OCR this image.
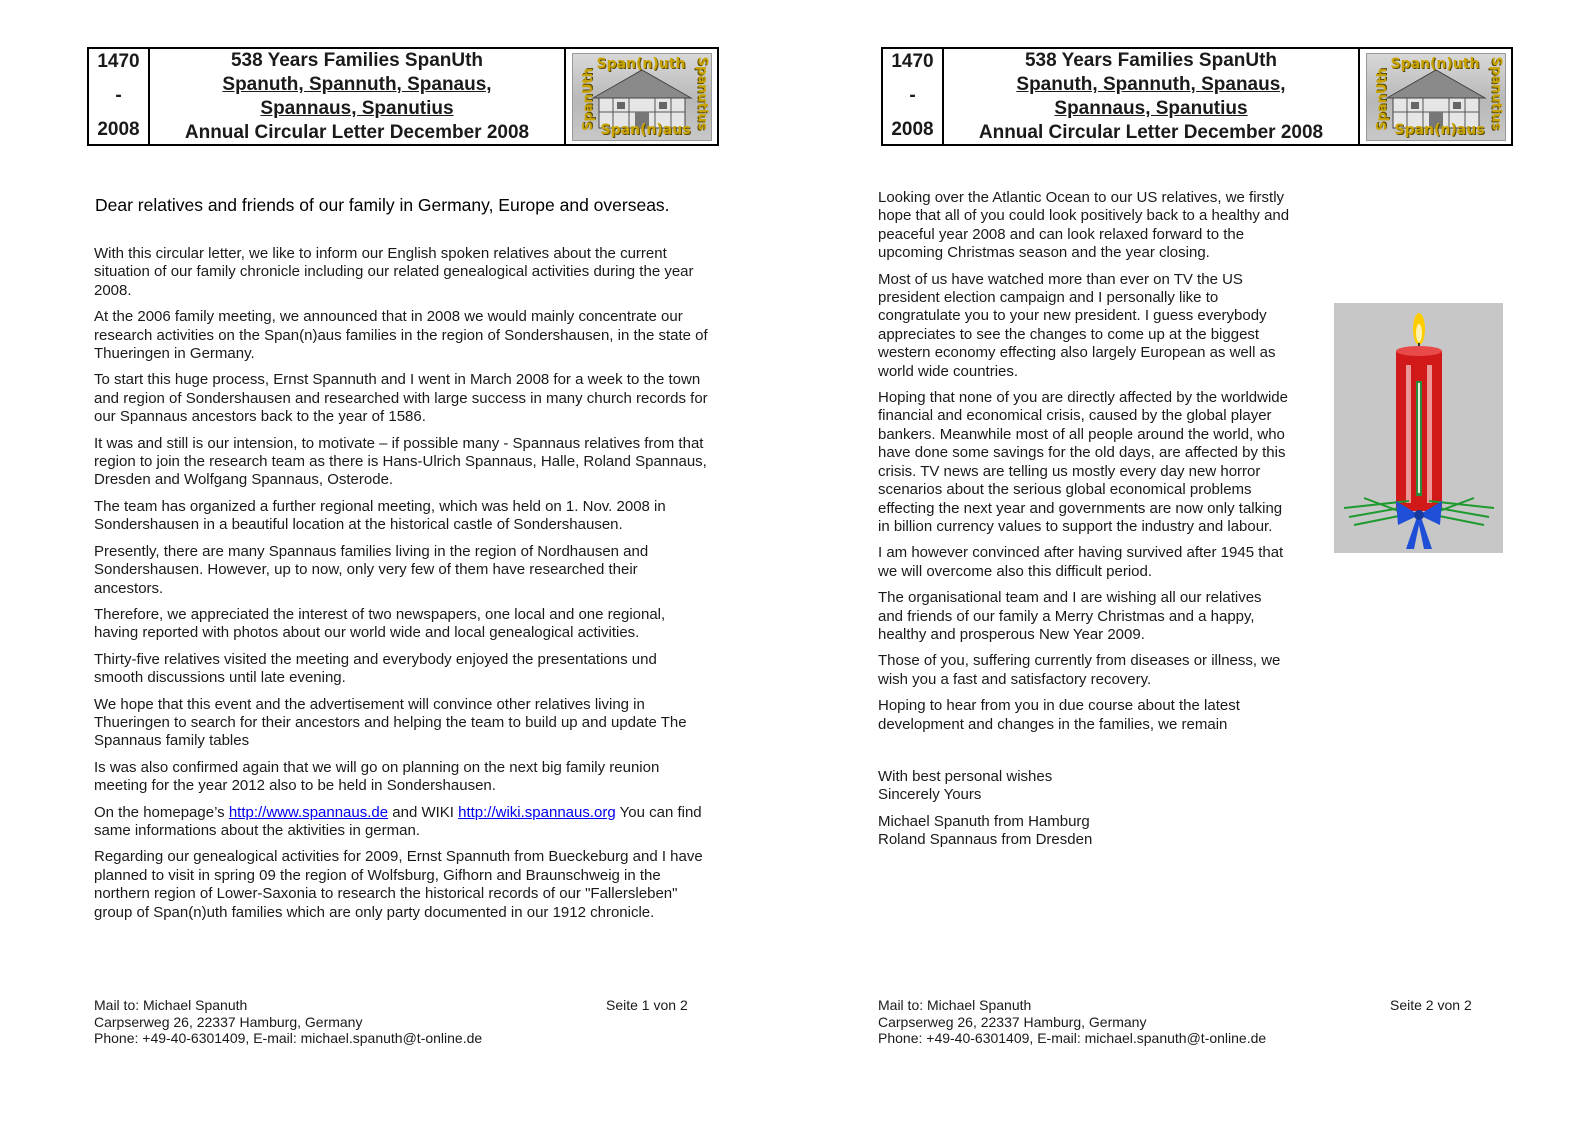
1470
-
2008
538 Years Families SpanUth
Spanuth, Spannuth, Spanaus,
Spannaus, Spanutius
Annual Circular Letter December 2008
Span(n)uth
Span(n)aus
SpanUth	Spanutius
Dear relatives and friends of our family in Germany, Europe and overseas.

With this circular letter, we like to inform our English spoken relatives about the current situation of our family chronicle including our related genealogical activities during the year 2008.

At the 2006 family meeting, we announced that in 2008 we would mainly concentrate our research activities on the Span(n)aus families in the region of Sondershausen, in the state of Thueringen in Germany.

To start this huge process, Ernst Spannuth and I went in March 2008 for a week to the town and region of Sondershausen and researched with large success in many church records for our Spannaus ancestors back to the year of 1586.

It was and still is our intension, to motivate – if possible many - Spannaus relatives from that region to join the research team as there is Hans-Ulrich Spannaus, Halle, Roland Spannaus, Dresden and Wolfgang Spannaus, Osterode.

The team has organized a further regional meeting, which was held on 1. Nov. 2008 in Sondershausen in a beautiful location at the historical castle of Sondershausen.

Presently, there are many Spannaus families living in the region of Nordhausen and Sondershausen. However, up to now, only very few of them have researched their ancestors.

Therefore, we appreciated the interest of two newspapers, one local and one regional, having reported with photos about our world wide and local genealogical activities.

Thirty-five relatives visited the meeting and everybody enjoyed the presentations und smooth discussions until late evening.

We hope that this event and the advertisement will convince other relatives living in Thueringen to search for their ancestors and helping the team to build up and update The Spannaus family tables

Is was also confirmed again that we will go on planning on the next big family reunion meeting for the year 2012 also to be held in Sondershausen.

On the homepage’s http://www.spannaus.de and WIKI http://wiki.spannaus.org You can find same informations about the aktivities in german.

Regarding our genealogical activities for 2009, Ernst Spannuth from Bueckeburg and I have planned to visit in spring 09 the region of Wolfsburg, Gifhorn and Braunschweig in the northern region of Lower-Saxonia to research the historical records of our "Fallersleben" group of Span(n)uth families which are only party documented in our 1912 chronicle.

Mail to: Michael Spanuth
Carpserweg 26, 22337 Hamburg, Germany
Phone: +49-40-6301409, E-mail: michael.spanuth@t-online.de
Seite 1 von 2
1470
-
2008
538 Years Families SpanUth
Spanuth, Spannuth, Spanaus,
Spannaus, Spanutius
Annual Circular Letter December 2008
Span(n)uth
Span(n)aus
SpanUth	Spanutius

Looking over the Atlantic Ocean to our US relatives, we firstly hope that all of you could look positively back to a healthy and peaceful year 2008 and can look relaxed forward to the upcoming Christmas season and the year closing.

Most of us have watched more than ever on TV the US president election campaign and I personally like to congratulate you to your new president. I guess everybody appreciates to see the changes to come up at the biggest western economy effecting also largely European as well as world wide countries.

Hoping that none of you are directly affected by the worldwide financial and economical crisis, caused by the global player bankers. Meanwhile most of all people around the world, who have done some savings for the old days, are affected by this crisis. TV news are telling us mostly every day new horror scenarios about the serious global economical problems effecting the next year and governments are now only talking in billion currency values to support the industry and labour.

I am however convinced after having survived after 1945 that we will overcome also this difficult period.

The organisational team and I are wishing all our relatives and friends of our family a Merry Christmas and a happy, healthy and prosperous New Year 2009.

Those of you, suffering currently from diseases or illness, we wish you a fast and satisfactory recovery.

Hoping to hear from you in due course about the latest development and changes in the families, we remain

With best personal wishes

Sincerely Yours

Michael Spanuth from Hamburg

Roland Spannaus from Dresden

Mail to: Michael Spanuth
Carpserweg 26, 22337 Hamburg, Germany
Phone: +49-40-6301409, E-mail: michael.spanuth@t-online.de
Seite 2 von 2
